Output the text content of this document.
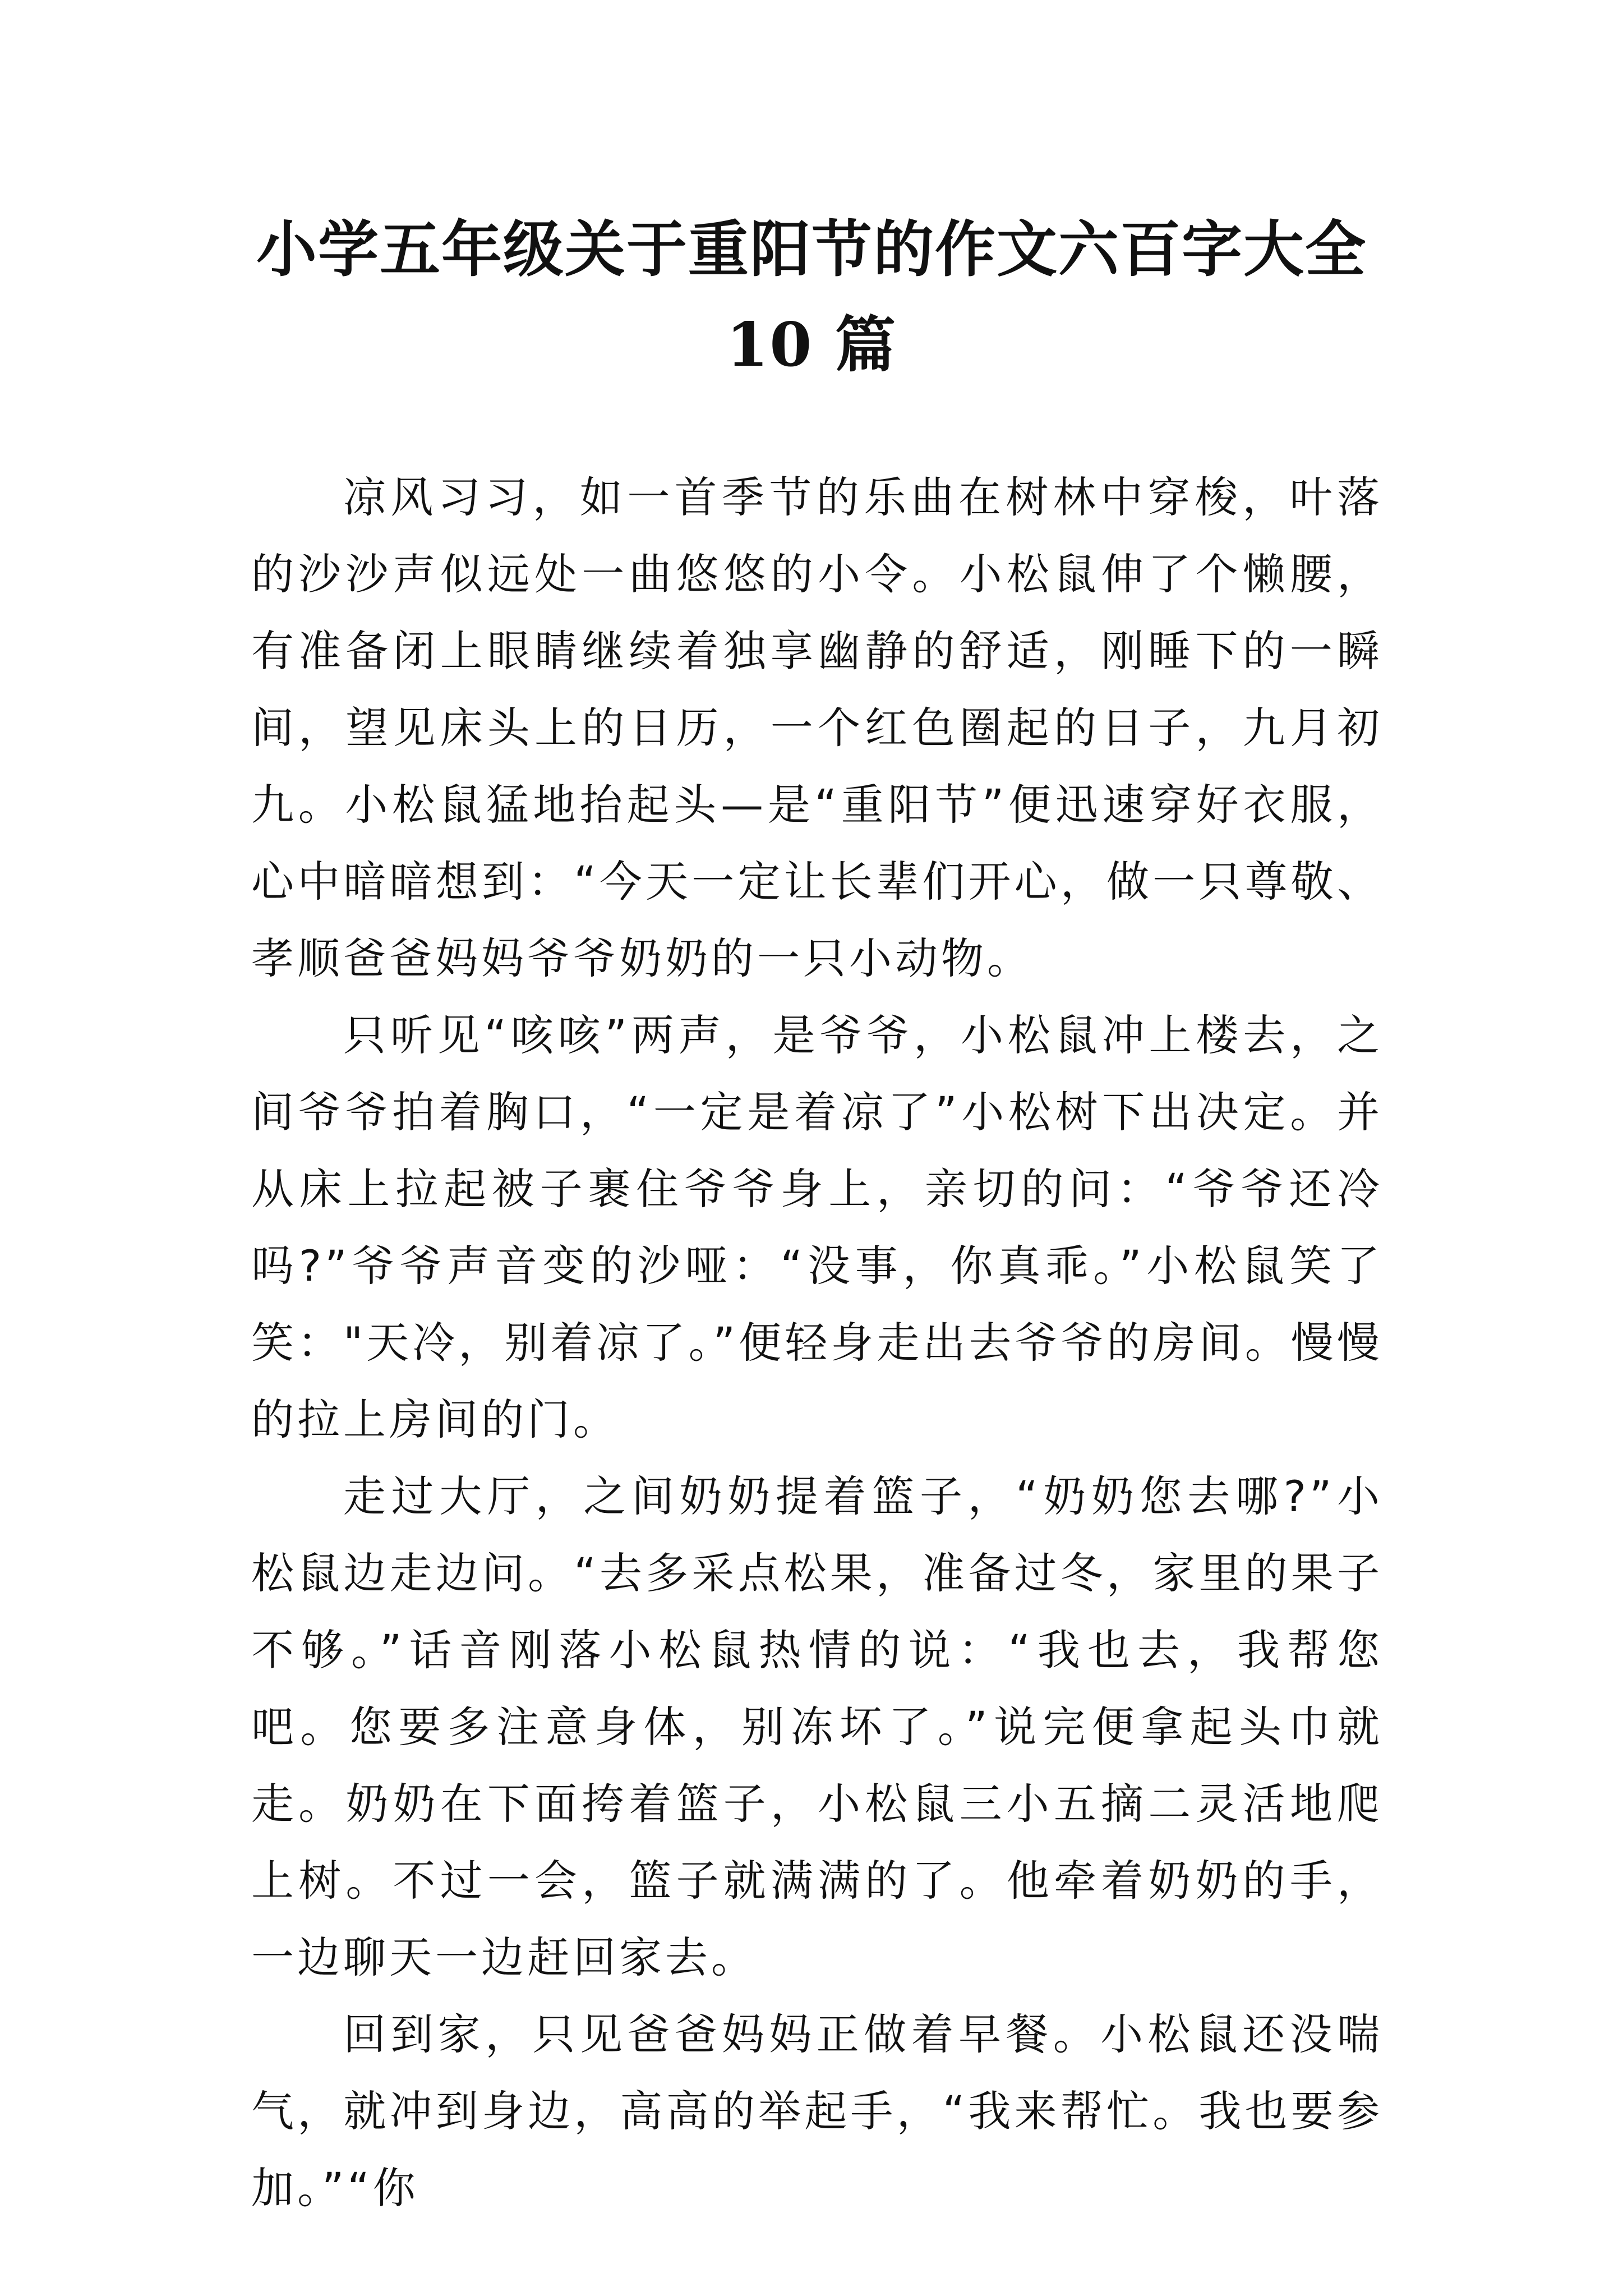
小学五年级关于重阳节的作文六百字大全
10 篇

凉风习习，如一首季节的乐曲在树林中穿梭，叶落的沙沙声似远处一曲悠悠的小令。小松鼠伸了个懒腰，有准备闭上眼睛继续着独享幽静的舒适，刚睡下的一瞬间，望见床头上的日历，一个红色圈起的日子，九月初九。小松鼠猛地抬起头—是“重阳节”便迅速穿好衣服，心中暗暗想到：“今天一定让长辈们开心，做一只尊敬、孝顺爸爸妈妈爷爷奶奶的一只小动物。

只听见“咳咳”两声，是爷爷，小松鼠冲上楼去，之间爷爷拍着胸口，“一定是着凉了”小松树下出决定。并从床上拉起被子裹住爷爷身上，亲切的问：“爷爷还冷吗?”爷爷声音变的沙哑：“没事，你真乖。”小松鼠笑了笑："天冷，别着凉了。”便轻身走出去爷爷的房间。慢慢的拉上房间的门。

走过大厅，之间奶奶提着篮子，“奶奶您去哪?”小松鼠边走边问。“去多采点松果，准备过冬，家里的果子不够。”话音刚落小松鼠热情的说：“我也去，我帮您吧。您要多注意身体，别冻坏了。”说完便拿起头巾就走。奶奶在下面挎着篮子，小松鼠三小五摘二灵活地爬上树。不过一会，篮子就满满的了。他牵着奶奶的手，一边聊天一边赶回家去。

回到家，只见爸爸妈妈正做着早餐。小松鼠还没喘气，就冲到身边，高高的举起手，“我来帮忙。我也要参加。”“你
